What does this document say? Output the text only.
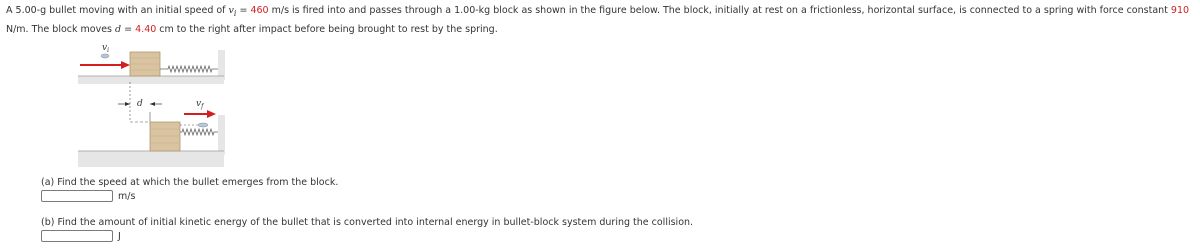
A 5.00-g bullet moving with an initial speed of $v_i = 460$ m/s is fired into and passes through a 1.00-kg block as shown in the figure below. The block, initially at rest on a frictionless, horizontal surface, is connected to a spring with force constant 910 N/m. The block moves d = 4.40 cm to the right after impact before being brought to rest by the spring.

$v_i$
d	$v_f$

(a) Find the speed at which the bullet emerges from the block.

m/s

(b) Find the amount of initial kinetic energy of the bullet that is converted into internal energy in bullet-block system during the collision.

J
